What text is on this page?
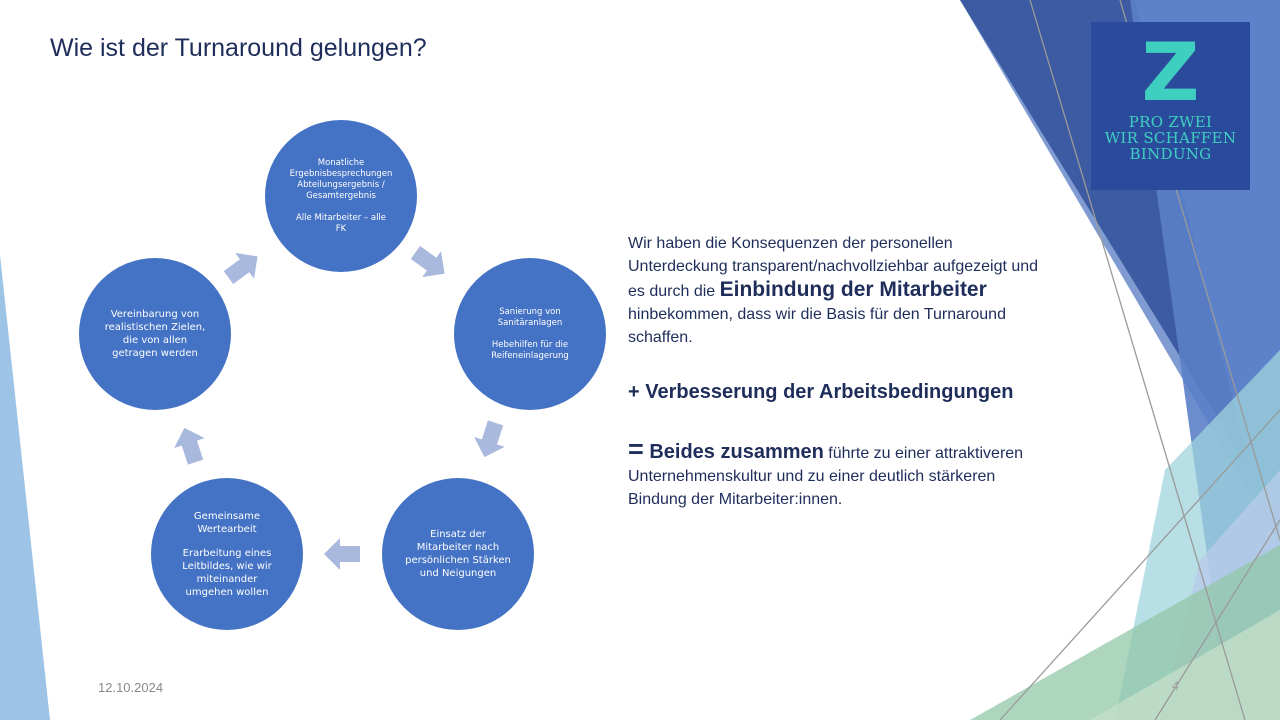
Wie ist der Turnaround gelungen?
Monatliche
Ergebnisbesprechungen
Abteilungsergebnis /
Gesamtergebnis
Alle Mitarbeiter – alle
FK
Sanierung von
Sanitäranlagen
Hebehilfen für die
Reifeneinlagerung
Einsatz der
Mitarbeiter nach
persönlichen Stärken
und Neigungen
Gemeinsame
Wertearbeit
Erarbeitung eines
Leitbildes, wie wir
miteinander
umgehen wollen
Vereinbarung von
realistischen Zielen,
die von allen
getragen werden

Wir haben die Konsequenzen der personellen
Unterdeckung transparent/nachvollziehbar aufgezeigt und
es durch die Einbindung der Mitarbeiter
hinbekommen, dass wir die Basis für den Turnaround
schaffen.

+ Verbesserung der Arbeitsbedingungen

= Beides zusammen führte zu einer attraktiveren
Unternehmenskultur und zu einer deutlich stärkeren
Bindung der Mitarbeiter:innen.

Z
PRO ZWEI
WIR SCHAFFEN
BINDUNG
12.10.2024	4
